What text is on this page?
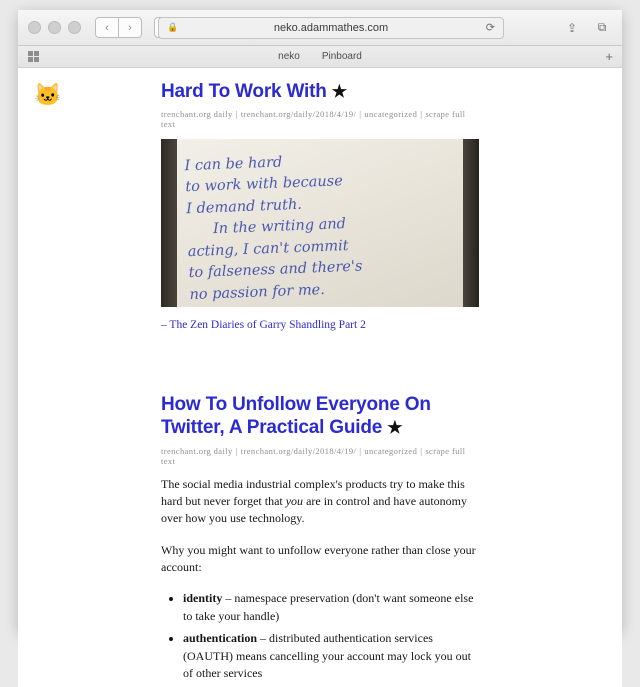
‹	›	🔒	neko.adammathes.com	⟳	⇪	⧉
neko Pinboard	+
🐱	Hard To Work With ★
trenchant.org daily | trenchant.org/daily/2018/4/19/ | uncategorized | scrape full text
I can be hard
to work with because
I demand truth.
In the writing and
acting, I can't commit
to falseness and there's
no passion for me.
– The Zen Diaries of Garry Shandling Part 2
How To Unfollow Everyone On Twitter, A Practical Guide ★
trenchant.org daily | trenchant.org/daily/2018/4/19/ | uncategorized | scrape full text

The social media industrial complex's products try to make this hard but never forget that you are in control and have autonomy over how you use technology.

Why you might want to unfollow everyone rather than close your account:

• identity – namespace preservation (don't want someone else to take your handle)
• authentication – distributed authentication services (OAUTH) means cancelling your account may lock you out of other services
